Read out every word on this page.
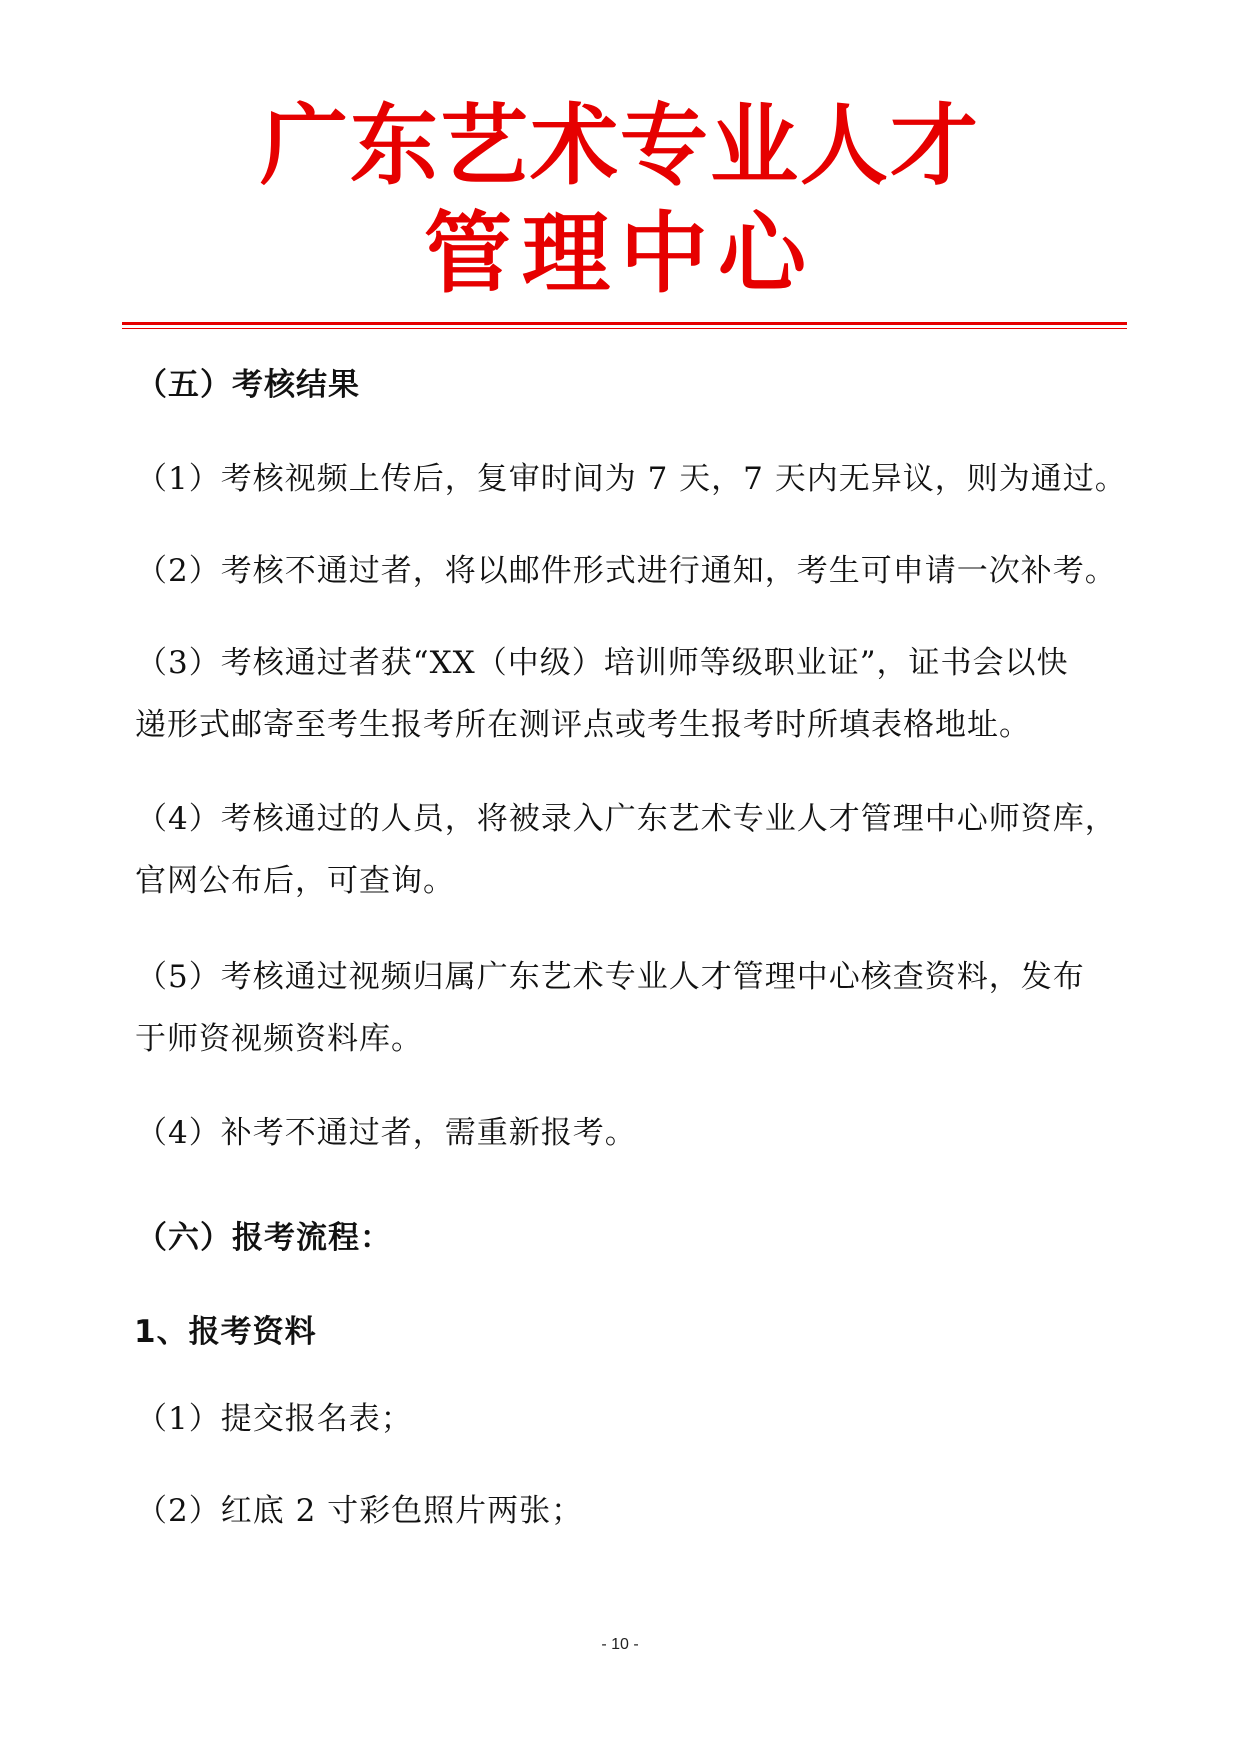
广东艺术专业人才
管理中心
（五）考核结果
（1）考核视频上传后，复审时间为 7 天，7 天内无异议，则为通过。
（2）考核不通过者，将以邮件形式进行通知，考生可申请一次补考。
（3）考核通过者获“XX（中级）培训师等级职业证”，证书会以快
递形式邮寄至考生报考所在测评点或考生报考时所填表格地址。
（4）考核通过的人员，将被录入广东艺术专业人才管理中心师资库，
官网公布后，可查询。
（5）考核通过视频归属广东艺术专业人才管理中心核查资料，发布
于师资视频资料库。
（4）补考不通过者，需重新报考。
（六）报考流程：
1、报考资料
（1）提交报名表；
（2）红底 2 寸彩色照片两张；
- 10 -
